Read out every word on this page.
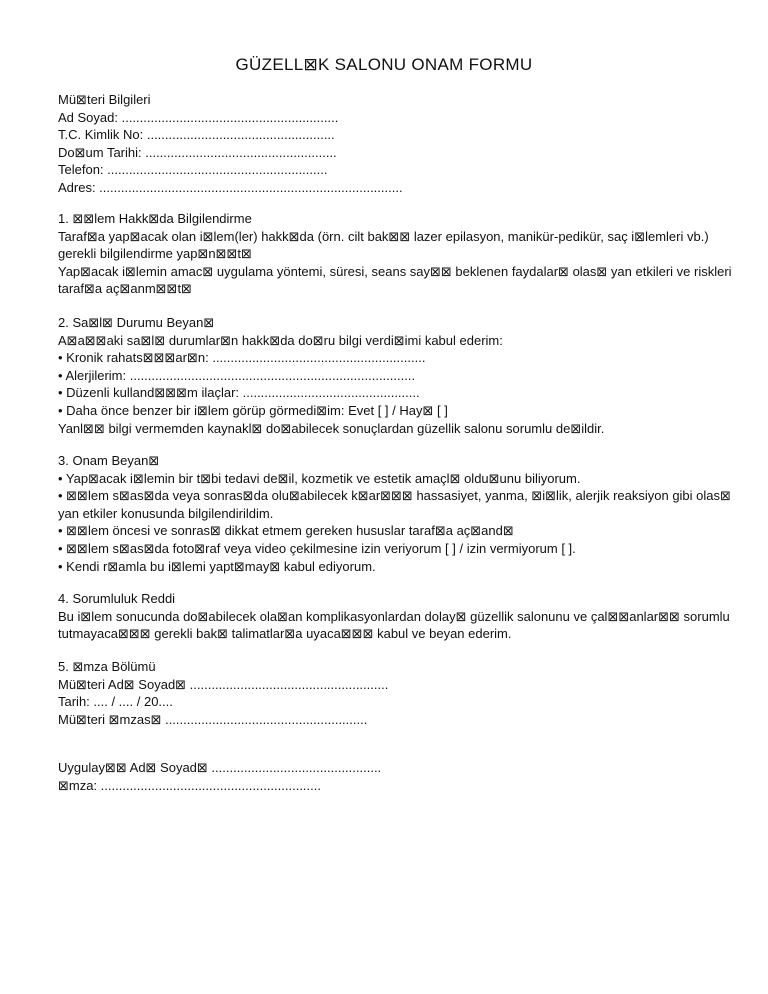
GÜZELL⊠K SALONU ONAM FORMU
Mü⊠teri Bilgileri
Ad Soyad: ............................................................
T.C. Kimlik No: ....................................................
Do⊠um Tarihi: .....................................................
Telefon: .............................................................
Adres: ....................................................................................
1. ⊠⊠lem Hakk⊠da Bilgilendirme
Taraf⊠a yap⊠acak olan i⊠lem(ler) hakk⊠da (örn. cilt bak⊠⊠ lazer epilasyon, manikür-pedikür, saç i⊠lemleri vb.) gerekli bilgilendirme yap⊠n⊠⊠t⊠
Yap⊠acak i⊠lemin amac⊠ uygulama yöntemi, süresi, seans say⊠⊠ beklenen faydalar⊠ olas⊠ yan etkileri ve riskleri taraf⊠a aç⊠anm⊠⊠t⊠
2. Sa⊠l⊠ Durumu Beyan⊠
A⊠a⊠⊠aki sa⊠l⊠ durumlar⊠n hakk⊠da do⊠ru bilgi verdi⊠imi kabul ederim:
• Kronik rahats⊠⊠⊠ar⊠n: ...........................................................
• Alerjilerim: ...............................................................................
• Düzenli kulland⊠⊠⊠m ilaçlar: .................................................
• Daha önce benzer bir i⊠lem görüp görmedi⊠im: Evet [ ] / Hay⊠ [ ]
Yanl⊠⊠ bilgi vermemden kaynakl⊠ do⊠abilecek sonuçlardan güzellik salonu sorumlu de⊠ildir.
3. Onam Beyan⊠
• Yap⊠acak i⊠lemin bir t⊠bi tedavi de⊠il, kozmetik ve estetik amaçl⊠ oldu⊠unu biliyorum.
• ⊠⊠lem s⊠as⊠da veya sonras⊠da olu⊠abilecek k⊠ar⊠⊠⊠ hassasiyet, yanma, ⊠i⊠lik, alerjik reaksiyon gibi olas⊠ yan etkiler konusunda bilgilendirildim.
• ⊠⊠lem öncesi ve sonras⊠ dikkat etmem gereken hususlar taraf⊠a aç⊠and⊠
• ⊠⊠lem s⊠as⊠da foto⊠raf veya video çekilmesine izin veriyorum [ ] / izin vermiyorum [ ].
• Kendi r⊠amla bu i⊠lemi yapt⊠may⊠ kabul ediyorum.
4. Sorumluluk Reddi
Bu i⊠lem sonucunda do⊠abilecek ola⊠an komplikasyonlardan dolay⊠ güzellik salonunu ve çal⊠⊠anlar⊠⊠ sorumlu tutmayaca⊠⊠⊠ gerekli bak⊠ talimatlar⊠a uyaca⊠⊠⊠ kabul ve beyan ederim.
5. ⊠mza Bölümü
Mü⊠teri Ad⊠ Soyad⊠ .......................................................
Tarih: .... / .... / 20....
Mü⊠teri ⊠mzas⊠ ........................................................
Uygulay⊠⊠ Ad⊠ Soyad⊠ ...............................................
⊠mza: .............................................................
